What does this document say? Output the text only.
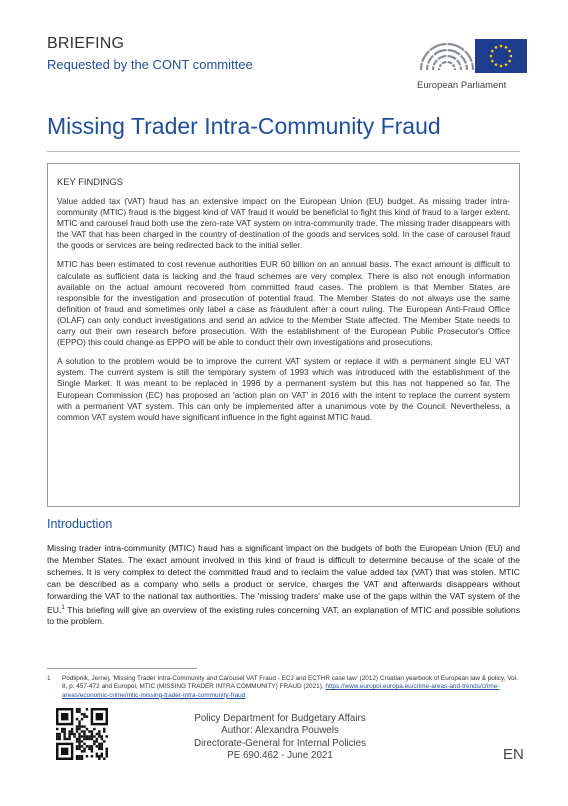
BRIEFING
Requested by the CONT committee
European Parliament
Missing Trader Intra-Community Fraud
KEY FINDINGS

Value added tax (VAT) fraud has an extensive impact on the European Union (EU) budget. As missing trader intra-community (MTIC) fraud is the biggest kind of VAT fraud it would be beneficial to fight this kind of fraud to a larger extent. MTIC and carousel fraud both use the zero-rate VAT system on intra-community trade. The missing trader disappears with the VAT that has been charged in the country of destination of the goods and services sold. In the case of carousel fraud the goods or services are being redirected back to the initial seller.

MTIC has been estimated to cost revenue authorities EUR 60 billion on an annual basis. The exact amount is difficult to calculate as sufficient data is lacking and the fraud schemes are very complex. There is also not enough information available on the actual amount recovered from committed fraud cases. The problem is that Member States are responsible for the investigation and prosecution of potential fraud. The Member States do not always use the same definition of fraud and sometimes only label a case as fraudulent after a court ruling. The European Anti-Fraud Office (OLAF) can only conduct investigations and send an advice to the Member State affected. The Member State needs to carry out their own research before prosecution. With the establishment of the European Public Prosecutor's Office (EPPO) this could change as EPPO will be able to conduct their own investigations and prosecutions.

A solution to the problem would be to improve the current VAT system or replace it with a permanent single EU VAT system. The current system is still the temporary system of 1993 which was introduced with the establishment of the Single Market. It was meant to be replaced in 1996 by a permanent system but this has not happened so far. The European Commission (EC) has proposed an 'action plan on VAT' in 2016 with the intent to replace the current system with a permanent VAT system. This can only be implemented after a unanimous vote by the Council. Nevertheless, a common VAT system would have significant influence in the fight against MTIC fraud.

Introduction

Missing trader intra-community (MTIC) fraud has a significant impact on the budgets of both the European Union (EU) and the Member States. The exact amount involved in this kind of fraud is difficult to determine because of the scale of the schemes. It is very complex to detect the committed fraud and to reclaim the value added tax (VAT) that was stolen. MTIC can be described as a company who sells a product or service, charges the VAT and afterwards disappears without forwarding the VAT to the national tax authorities. The 'missing traders' make use of the gaps within the VAT system of the EU.$^1$ This briefing will give an overview of the existing rules concerning VAT, an explanation of MTIC and possible solutions to the problem.

1 Podlipnik, Jernej, 'Missing Trader Intra-Community and Carousel VAT Fraud - ECJ and ECTHR case law' (2012) Croatian yearbook of European law & policy, Vol. 8, p. 457-472 and Europol, MTIC (MISSING TRADER INTRA COMMUNITY) FRAUD (2021), https://www.europol.europa.eu/crime-areas-and-trends/crime-areas/economic-crime/mtic-missing-trader-intra-community-fraud

Policy Department for Budgetary Affairs
Author: Alexandra Pouwels
Directorate-General for Internal Policies
PE 690.462 - June 2021	EN
